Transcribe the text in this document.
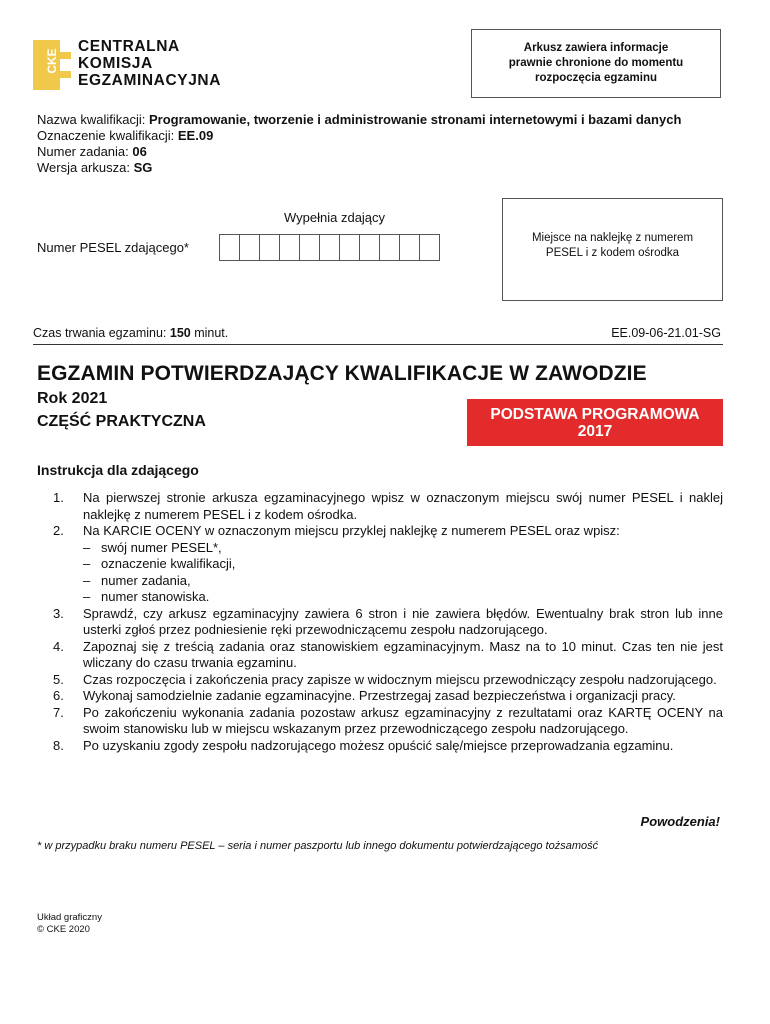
CKE
CENTRALNA
KOMISJA
EGZAMINACYJNA
Arkusz zawiera informacje
prawnie chronione do momentu
rozpoczęcia egzaminu
Nazwa kwalifikacji: Programowanie, tworzenie i administrowanie stronami internetowymi i bazami danych
Oznaczenie kwalifikacji: EE.09
Numer zadania: 06
Wersja arkusza: SG
Wypełnia zdający
Numer PESEL zdającego*
Miejsce na naklejkę z numerem
PESEL i z kodem ośrodka
Czas trwania egzaminu: 150 minut.	EE.09-06-21.01-SG
EGZAMIN POTWIERDZAJĄCY KWALIFIKACJE W ZAWODZIE
Rok 2021
CZĘŚĆ PRAKTYCZNA	PODSTAWA PROGRAMOWA
2017
Instrukcja dla zdającego
1.	Na pierwszej stronie arkusza egzaminacyjnego wpisz w oznaczonym miejscu swój numer PESEL i naklej naklejkę z numerem PESEL i z kodem ośrodka.
2.	Na KARCIE OCENY w oznaczonym miejscu przyklej naklejkę z numerem PESEL oraz wpisz:
– swój numer PESEL*,
– oznaczenie kwalifikacji,
– numer zadania,
– numer stanowiska.
3.	Sprawdź, czy arkusz egzaminacyjny zawiera 6 stron i nie zawiera błędów. Ewentualny brak stron lub inne usterki zgłoś przez podniesienie ręki przewodniczącemu zespołu nadzorującego.
4.	Zapoznaj się z treścią zadania oraz stanowiskiem egzaminacyjnym. Masz na to 10 minut. Czas ten nie jest wliczany do czasu trwania egzaminu.
5.	Czas rozpoczęcia i zakończenia pracy zapisze w widocznym miejscu przewodniczący zespołu nadzorującego.
6.	Wykonaj samodzielnie zadanie egzaminacyjne. Przestrzegaj zasad bezpieczeństwa i organizacji pracy.
7.	Po zakończeniu wykonania zadania pozostaw arkusz egzaminacyjny z rezultatami oraz KARTĘ OCENY na swoim stanowisku lub w miejscu wskazanym przez przewodniczącego zespołu nadzorującego.
8.	Po uzyskaniu zgody zespołu nadzorującego możesz opuścić salę/miejsce przeprowadzania egzaminu.
Powodzenia!
* w przypadku braku numeru PESEL – seria i numer paszportu lub innego dokumentu potwierdzającego tożsamość
Układ graficzny
© CKE 2020
